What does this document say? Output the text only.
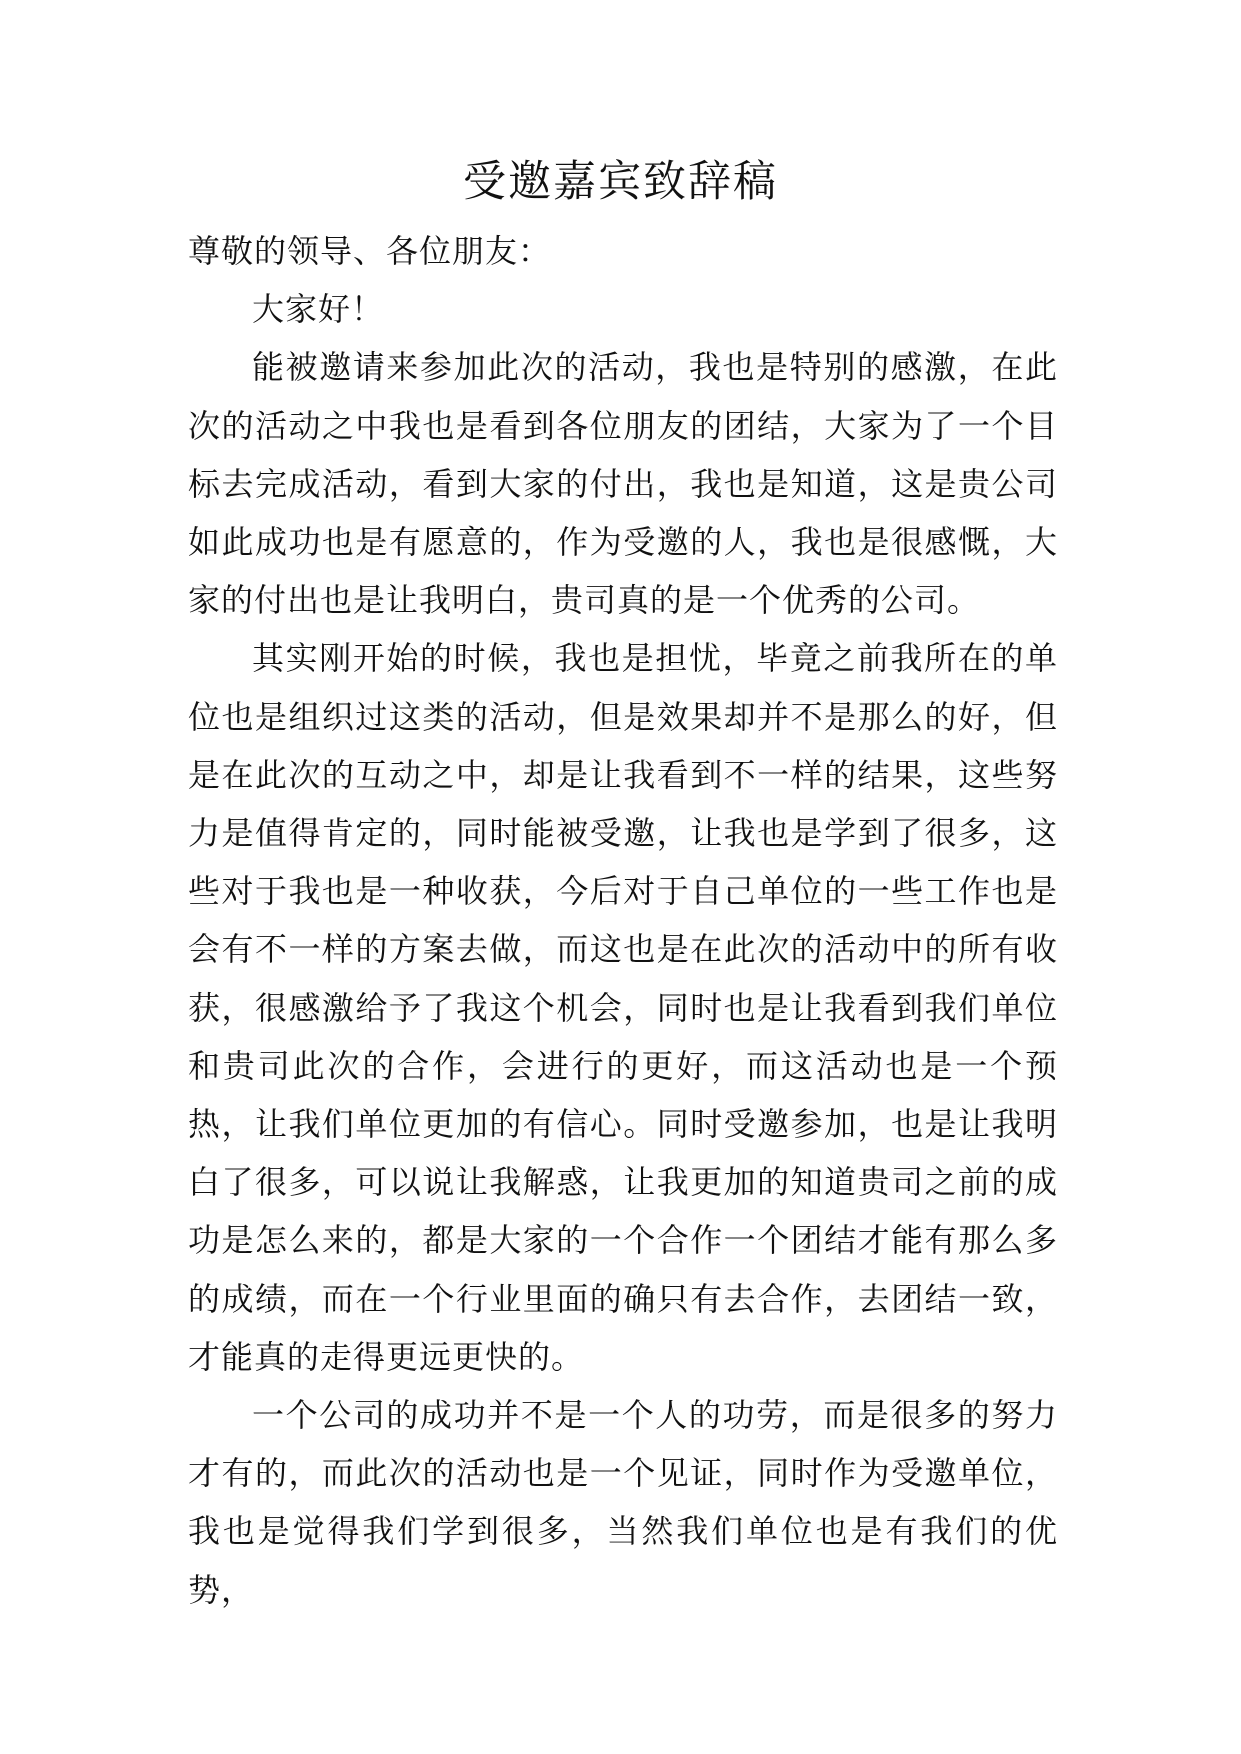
受邀嘉宾致辞稿

尊敬的领导、各位朋友：

大家好！

能被邀请来参加此次的活动，我也是特别的感激，在此次的活动之中我也是看到各位朋友的团结，大家为了一个目标去完成活动，看到大家的付出，我也是知道，这是贵公司如此成功也是有愿意的，作为受邀的人，我也是很感慨，大家的付出也是让我明白，贵司真的是一个优秀的公司。

其实刚开始的时候，我也是担忧，毕竟之前我所在的单位也是组织过这类的活动，但是效果却并不是那么的好，但是在此次的互动之中，却是让我看到不一样的结果，这些努力是值得肯定的，同时能被受邀，让我也是学到了很多，这些对于我也是一种收获，今后对于自己单位的一些工作也是会有不一样的方案去做，而这也是在此次的活动中的所有收获，很感激给予了我这个机会，同时也是让我看到我们单位和贵司此次的合作，会进行的更好，而这活动也是一个预热，让我们单位更加的有信心。同时受邀参加，也是让我明白了很多，可以说让我解惑，让我更加的知道贵司之前的成功是怎么来的，都是大家的一个合作一个团结才能有那么多的成绩，而在一个行业里面的确只有去合作，去团结一致，才能真的走得更远更快的。

一个公司的成功并不是一个人的功劳，而是很多的努力才有的，而此次的活动也是一个见证，同时作为受邀单位，我也是觉得我们学到很多，当然我们单位也是有我们的优势，
